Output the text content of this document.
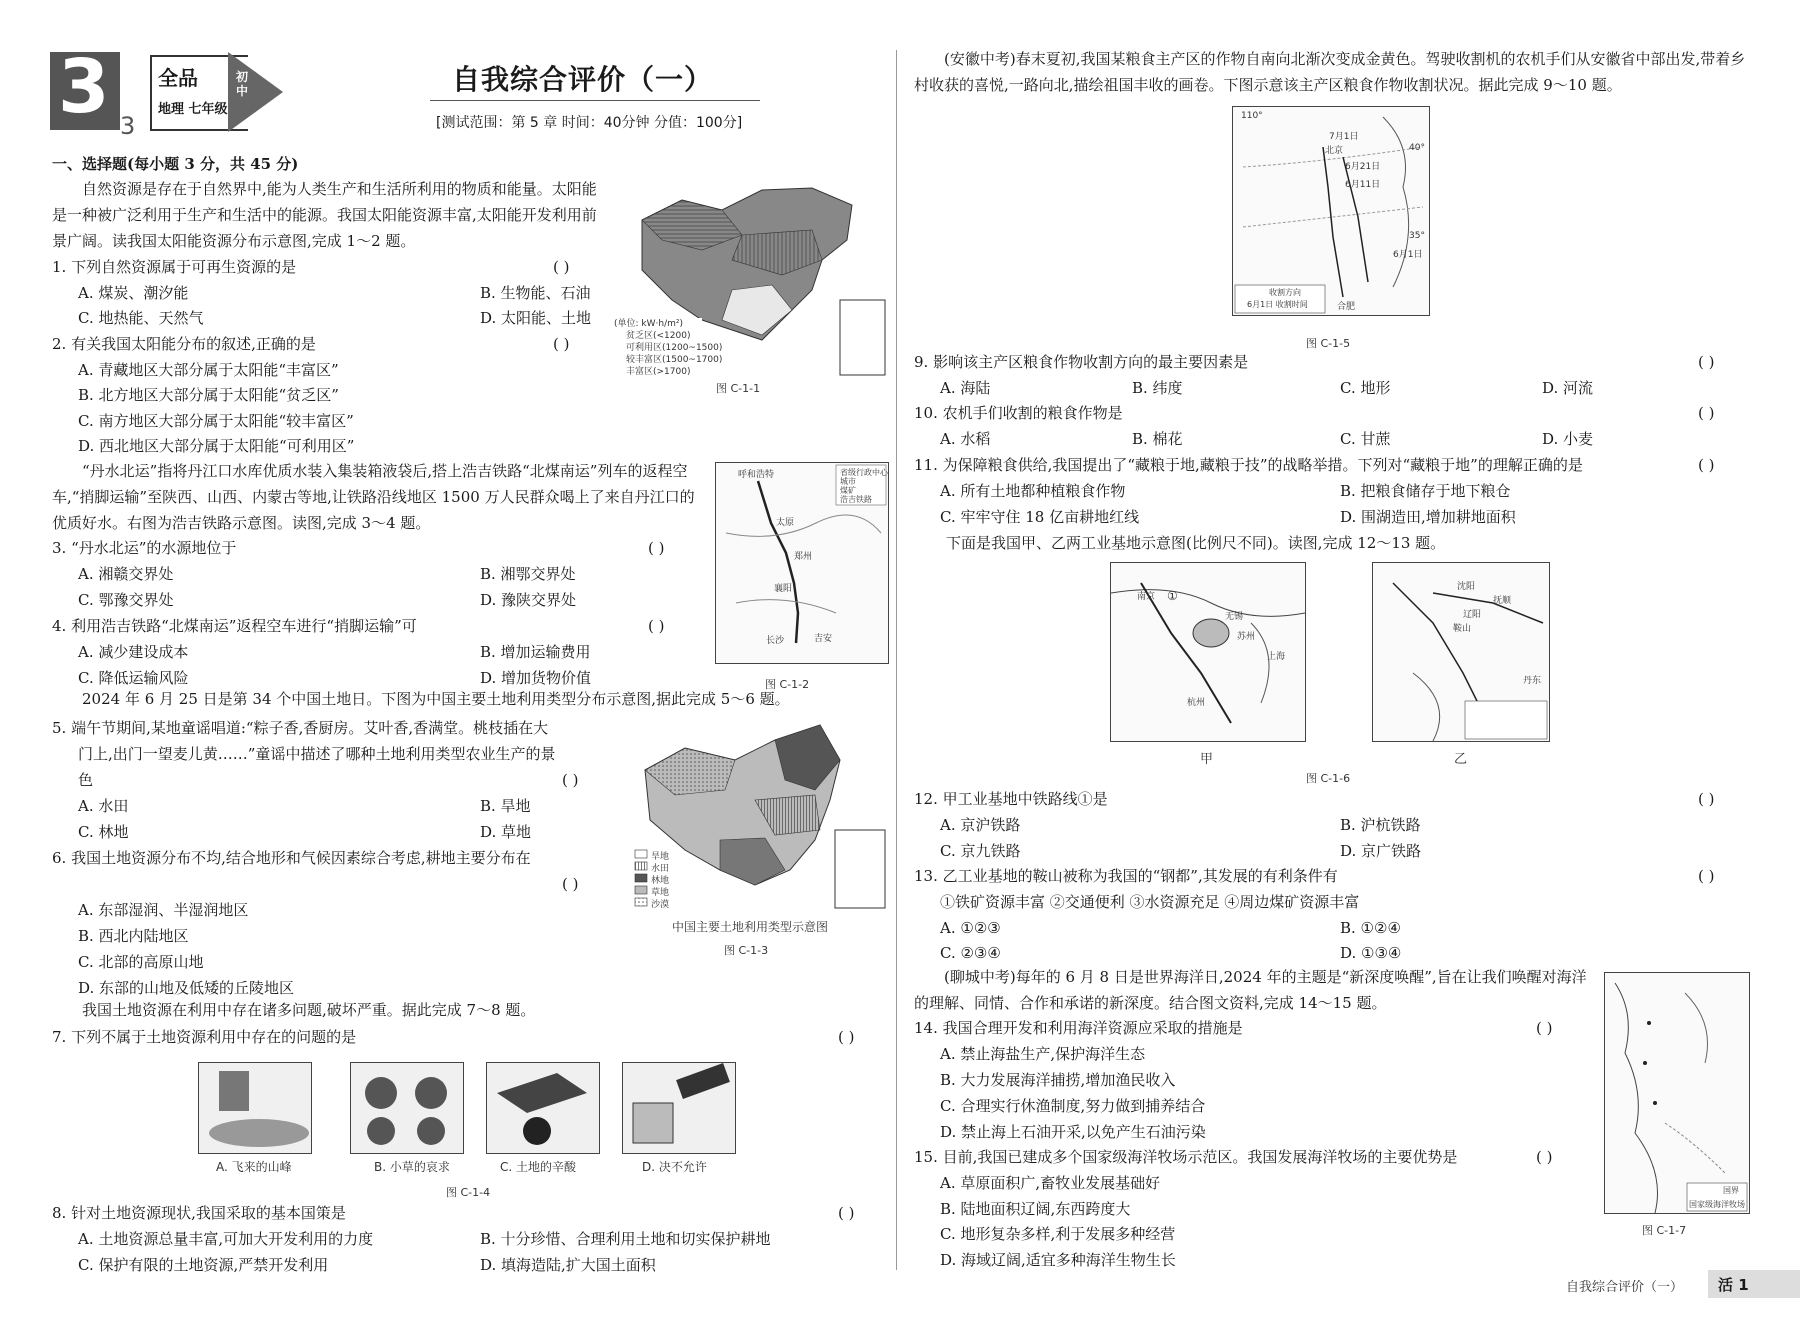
3 3
全品
地理 七年级
初中	自我综合评价（一）
[测试范围：第 5 章 时间：40分钟 分值：100分]
一、选择题(每小题 3 分，共 45 分)
自然资源是存在于自然界中,能为人类生产和生活所利用的物质和能量。太阳能是一种被广泛利用于生产和生活中的能源。我国太阳能资源丰富,太阳能开发利用前景广阔。读我国太阳能资源分布示意图,完成 1～2 题。
1. 下列自然资源属于可再生资源的是	( )
A. 煤炭、潮汐能	B. 生物能、石油
C. 地热能、天然气	D. 太阳能、土地
2. 有关我国太阳能分布的叙述,正确的是	( )
A. 青藏地区大部分属于太阳能“丰富区”
B. 北方地区大部分属于太阳能“贫乏区”
C. 南方地区大部分属于太阳能“较丰富区”
D. 西北地区大部分属于太阳能“可利用区”
(单位: kW·h/m²)
贫乏区(<1200)
可利用区(1200~1500)
较丰富区(1500~1700)
丰富区(>1700)
图 C-1-1
“丹水北运”指将丹江口水库优质水装入集装箱液袋后,搭上浩吉铁路“北煤南运”列车的返程空车,“捎脚运输”至陕西、山西、内蒙古等地,让铁路沿线地区 1500 万人民群众喝上了来自丹江口的优质好水。右图为浩吉铁路示意图。读图,完成 3～4 题。
3. “丹水北运”的水源地位于	( )
A. 湘赣交界处	B. 湘鄂交界处
C. 鄂豫交界处	D. 豫陕交界处
4. 利用浩吉铁路“北煤南运”返程空车进行“捎脚运输”可	( )
A. 减少建设成本	B. 增加运输费用
C. 降低运输风险	D. 增加货物价值
呼和浩特
太原
郑州
襄阳
长沙	吉安
省级行政中心
城市
煤矿
浩吉铁路
图 C-1-2
2024 年 6 月 25 日是第 34 个中国土地日。下图为中国主要土地利用类型分布示意图,据此完成 5～6 题。
5. 端午节期间,某地童谣唱道:“粽子香,香厨房。艾叶香,香满堂。桃枝插在大
门上,出门一望麦儿黄……”童谣中描述了哪种土地利用类型农业生产的景
色	( )
A. 水田	B. 旱地
C. 林地	D. 草地
6. 我国土地资源分布不均,结合地形和气候因素综合考虑,耕地主要分布在
( )
A. 东部湿润、半湿润地区
B. 西北内陆地区
C. 北部的高原山地
D. 东部的山地及低矮的丘陵地区
旱地
水田
林地
草地
沙漠
中国主要土地利用类型示意图
图 C-1-3
我国土地资源在利用中存在诸多问题,破坏严重。据此完成 7～8 题。
7. 下列不属于土地资源利用中存在的问题的是	( )
A. 飞来的山峰	B. 小草的哀求	C. 土地的辛酸	D. 决不允许
图 C-1-4
8. 针对土地资源现状,我国采取的基本国策是	( )
A. 土地资源总量丰富,可加大开发利用的力度	B. 十分珍惜、合理利用土地和切实保护耕地
C. 保护有限的土地资源,严禁开发利用	D. 填海造陆,扩大国土面积
(安徽中考)春末夏初,我国某粮食主产区的作物自南向北渐次变成金黄色。驾驶收割机的农机手们从安徽省中部出发,带着乡村收获的喜悦,一路向北,描绘祖国丰收的画卷。下图示意该主产区粮食作物收割状况。据此完成 9～10 题。
110°
7月1日
北京	40°
6月21日
6月11日
35°
6月1日
合肥
收割方向
6月1日 收割时间
图 C-1-5
9. 影响该主产区粮食作物收割方向的最主要因素是	( )
A. 海陆	B. 纬度	C. 地形	D. 河流
10. 农机手们收割的粮食作物是	( )
A. 水稻	B. 棉花	C. 甘蔗	D. 小麦
11. 为保障粮食供给,我国提出了“藏粮于地,藏粮于技”的战略举措。下列对“藏粮于地”的理解正确的是	( )
A. 所有土地都种植粮食作物	B. 把粮食储存于地下粮仓
C. 牢牢守住 18 亿亩耕地红线	D. 围湖造田,增加耕地面积
下面是我国甲、乙两工业基地示意图(比例尺不同)。读图,完成 12～13 题。
南京 ①
无锡
苏州
上海
杭州
沈阳
抚顺
辽阳
鞍山
丹东
甲	乙
图 C-1-6
12. 甲工业基地中铁路线①是	( )
A. 京沪铁路	B. 沪杭铁路
C. 京九铁路	D. 京广铁路
13. 乙工业基地的鞍山被称为我国的“钢都”,其发展的有利条件有	( )
①铁矿资源丰富 ②交通便利 ③水资源充足 ④周边煤矿资源丰富
A. ①②③	B. ①②④
C. ②③④	D. ①③④
(聊城中考)每年的 6 月 8 日是世界海洋日,2024 年的主题是“新深度唤醒”,旨在让我们唤醒对海洋的理解、同情、合作和承诺的新深度。结合图文资料,完成 14～15 题。
国界
国家级海洋牧场
图 C-1-7
14. 我国合理开发和利用海洋资源应采取的措施是	( )
A. 禁止海盐生产,保护海洋生态
B. 大力发展海洋捕捞,增加渔民收入
C. 合理实行休渔制度,努力做到捕养结合
D. 禁止海上石油开采,以免产生石油污染
15. 目前,我国已建成多个国家级海洋牧场示范区。我国发展海洋牧场的主要优势是	( )
A. 草原面积广,畜牧业发展基础好
B. 陆地面积辽阔,东西跨度大
C. 地形复杂多样,利于发展多种经营
D. 海域辽阔,适宜多种海洋生物生长
自我综合评价（一） 活 1
